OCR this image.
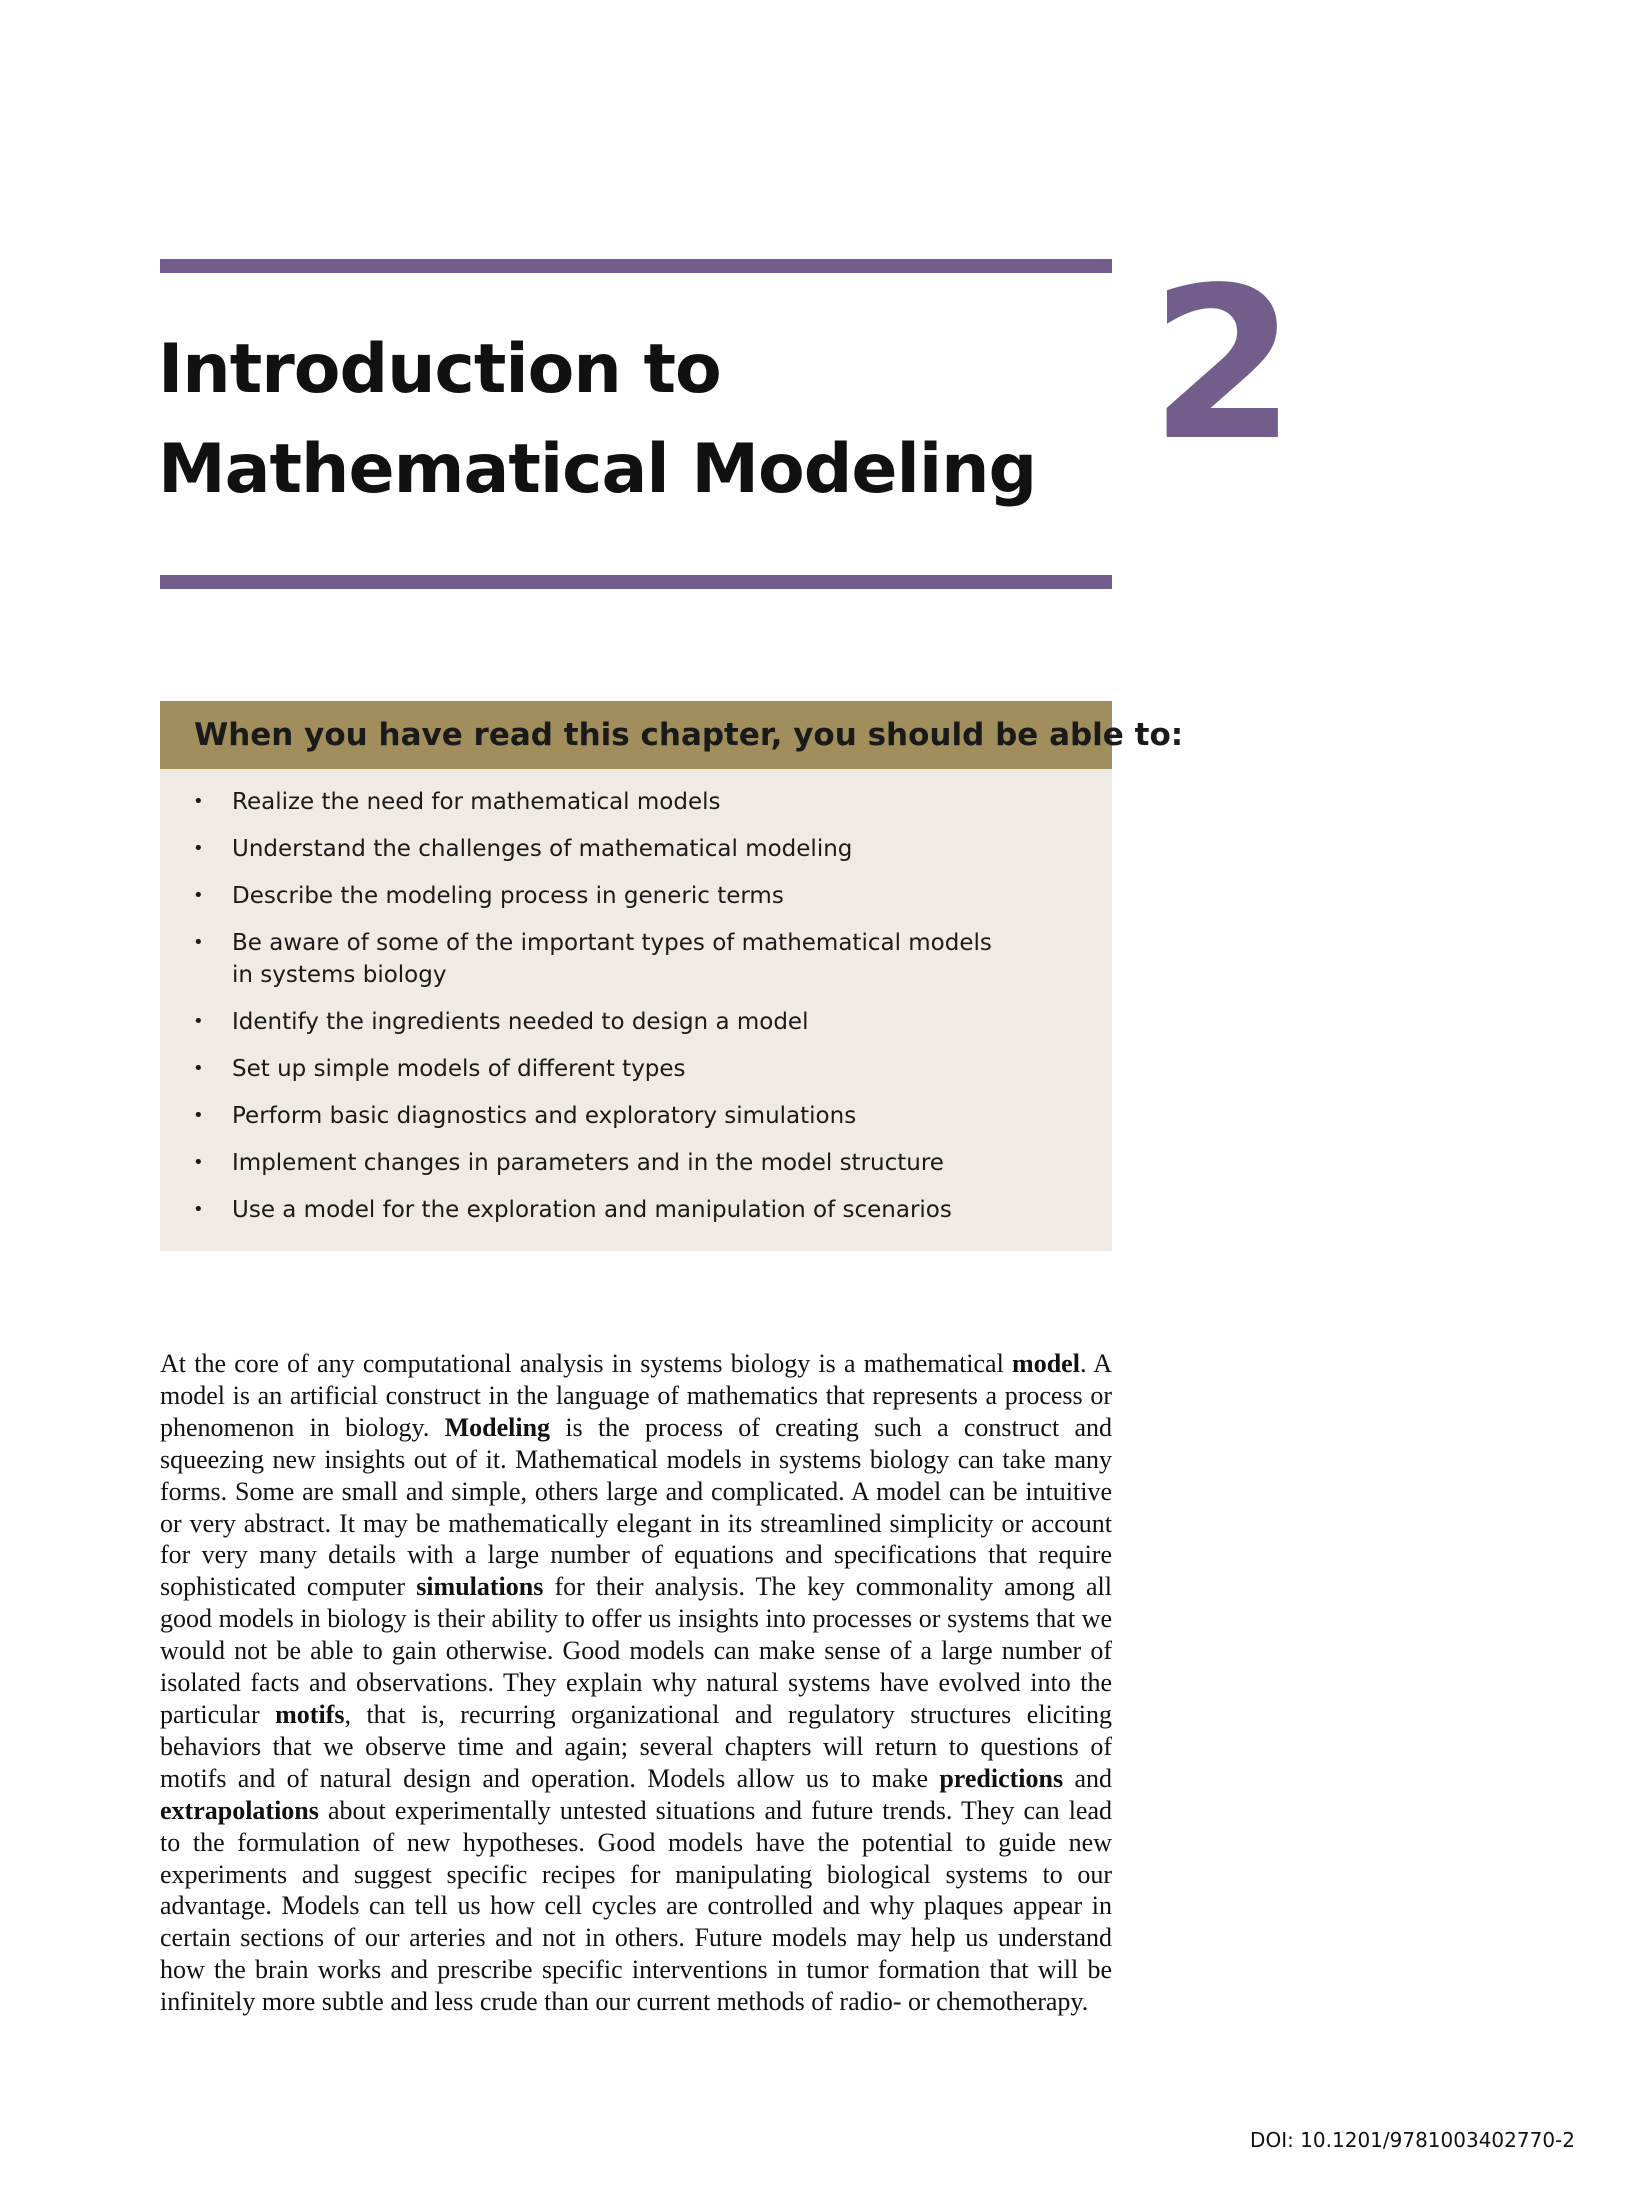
Introduction to
Mathematical Modeling 2
When you have read this chapter, you should be able to:
• Realize the need for mathematical models
• Understand the challenges of mathematical modeling
• Describe the modeling process in generic terms
• Be aware of some of the important types of mathematical models in systems biology
• Identify the ingredients needed to design a model
• Set up simple models of different types
• Perform basic diagnostics and exploratory simulations
• Implement changes in parameters and in the model structure
• Use a model for the exploration and manipulation of scenarios

At the core of any computational analysis in systems biology is a mathematical model. A model is an artificial construct in the language of mathematics that represents a process or phenomenon in biology. Modeling is the process of creating such a construct and squeezing new insights out of it. Mathematical models in systems biology can take many forms. Some are small and simple, others large and complicated. A model can be intuitive or very abstract. It may be mathematically elegant in its streamlined simplicity or account for very many details with a large number of equations and specifications that require sophisticated computer simulations for their analysis. The key commonality among all good models in biology is their ability to offer us insights into processes or systems that we would not be able to gain otherwise. Good models can make sense of a large number of isolated facts and observations. They explain why natural systems have evolved into the particular motifs, that is, recurring organizational and regulatory structures eliciting behaviors that we observe time and again; several chapters will return to questions of motifs and of natural design and operation. Models allow us to make predictions and extrapolations about experimentally untested situations and future trends. They can lead to the formulation of new hypotheses. Good models have the potential to guide new experiments and suggest specific recipes for manipulating biological systems to our advantage. Models can tell us how cell cycles are controlled and why plaques appear in certain sections of our arteries and not in others. Future models may help us understand how the brain works and prescribe specific interventions in tumor formation that will be infinitely more subtle and less crude than our current methods of radio- or chemotherapy.

DOI: 10.1201/9781003402770-2
